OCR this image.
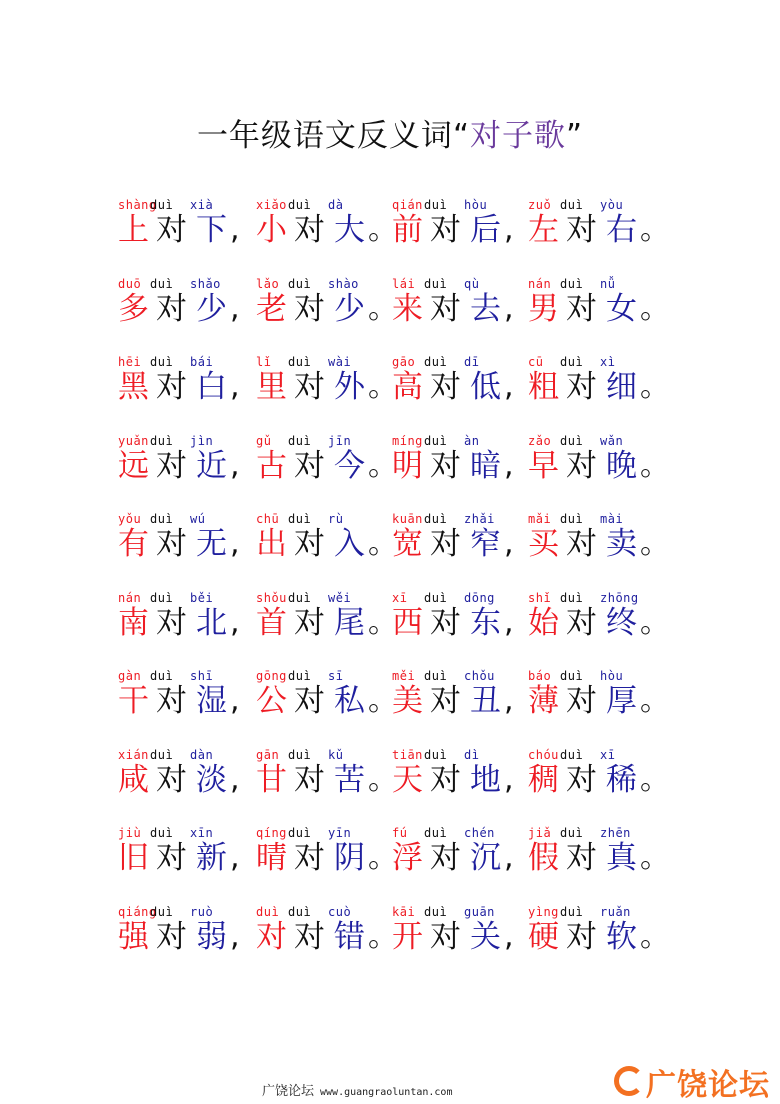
一年级语文反义词“对子歌”
shàng
上
duì
对
xià
下 ,
xiǎo
小
duì
对
dà
大 。
qián
前
duì
对
hòu
后 ,
zuǒ
左
duì
对
yòu
右 。
duō
多
duì
对
shǎo
少 ,
lǎo
老
duì
对
shào
少 。
lái
来
duì
对
qù
去 ,
nán
男
duì
对
nǚ
女 。
hēi
黑
duì
对
bái
白 ,
lǐ
里
duì
对
wài
外 。
gāo
高
duì
对
dī
低 ,
cū
粗
duì
对
xì
细 。
yuǎn
远
duì
对
jìn
近 ,
gǔ
古
duì
对
jīn
今 。
míng
明
duì
对
àn
暗 ,
zǎo
早
duì
对
wǎn
晚 。
yǒu
有
duì
对
wú
无 ,
chū
出
duì
对
rù
入 。
kuān
宽
duì
对
zhǎi
窄 ,
mǎi
买
duì
对
mài
卖 。
nán
南
duì
对
běi
北 ,
shǒu
首
duì
对
wěi
尾 。
xī
西
duì
对
dōng
东 ,
shǐ
始
duì
对
zhōng
终 。
gàn
干
duì
对
shī
湿 ,
gōng
公
duì
对
sī
私 。
měi
美
duì
对
chǒu
丑 ,
báo
薄
duì
对
hòu
厚 。
xián
咸
duì
对
dàn
淡 ,
gān
甘
duì
对
kǔ
苦 。
tiān
天
duì
对
dì
地 ,
chóu
稠
duì
对
xī
稀 。
jiù
旧
duì
对
xīn
新 ,
qíng
晴
duì
对
yīn
阴 。
fú
浮
duì
对
chén
沉 ,
jiǎ
假
duì
对
zhēn
真 。
qiáng
强
duì
对
ruò
弱 ,
duì
对
duì
对
cuò
错 。
kāi
开
duì
对
guān
关 ,
yìng
硬
duì
对
ruǎn
软 。
广饶论坛 www.guangraoluntan.com	广饶论坛
